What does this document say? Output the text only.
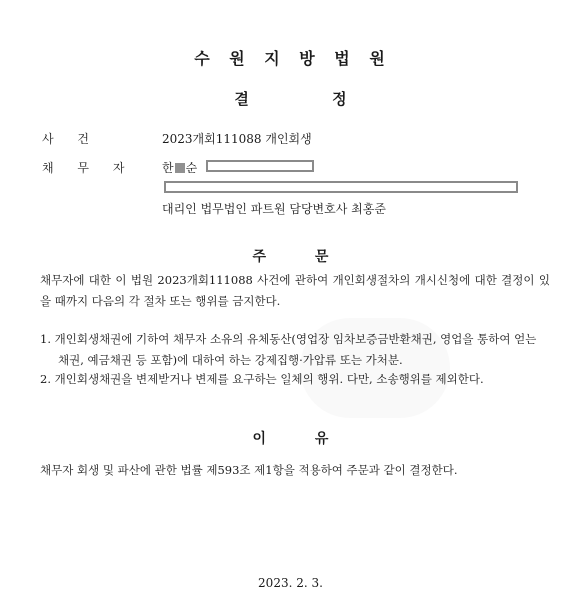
수 원 지 방 법 원
결 정
사 건	2023개회111088 개인회생
채 무 자	한 순
대리인 법무법인 파트원 담당변호사 최홍준
주 문
채무자에 대한 이 법원 2023개회111088 사건에 관하여 개인회생절차의 개시신청에 대한 결정이 있을 때까지 다음의 각 절차 또는 행위를 금지한다.
1. 개인회생채권에 기하여 채무자 소유의 유체동산(영업장 임차보증금반환채권, 영업을 통하여 얻는 채권, 예금채권 등 포함)에 대하여 하는 강제집행·가압류 또는 가처분.
2. 개인회생채권을 변제받거나 변제를 요구하는 일체의 행위. 다만, 소송행위를 제외한다.
이 유
채무자 회생 및 파산에 관한 법률 제593조 제1항을 적용하여 주문과 같이 결정한다.
2023. 2. 3.
